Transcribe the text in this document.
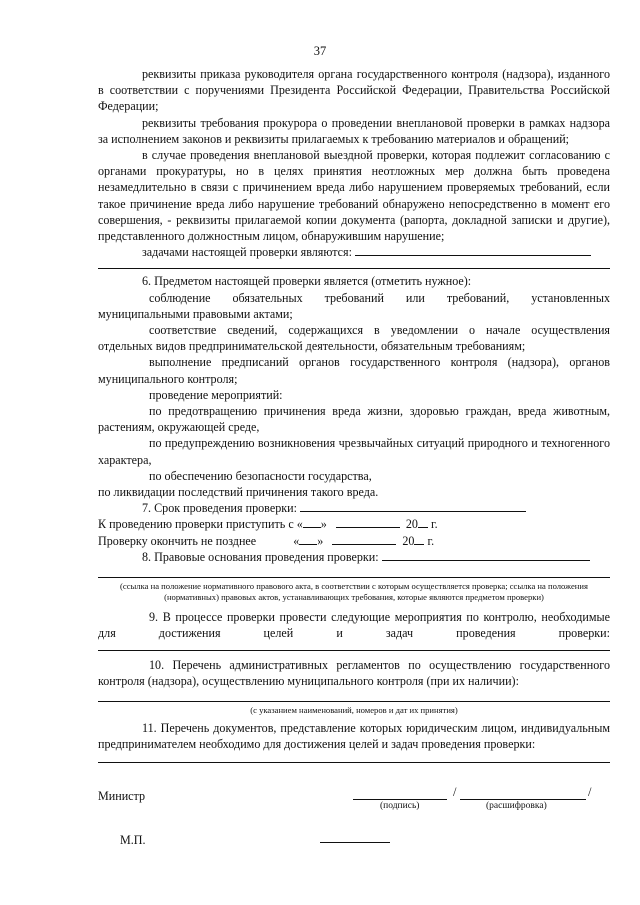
37

реквизиты приказа руководителя органа государственного контроля (надзора), изданного в соответствии с поручениями Президента Российской Федерации, Правительства Российской Федерации;

реквизиты требования прокурора о проведении внеплановой проверки в рамках надзора за исполнением законов и реквизиты прилагаемых к требованию материалов и обращений;

в случае проведения внеплановой выездной проверки, которая подлежит согласованию с органами прокуратуры, но в целях принятия неотложных мер должна быть проведена незамедлительно в связи с причинением вреда либо нарушением проверяемых требований, если такое причинение вреда либо нарушение требований обнаружено непосредственно в момент его совершения, - реквизиты прилагаемой копии документа (рапорта, докладной записки и другие), представленного должностным лицом, обнаружившим нарушение;

задачами настоящей проверки являются:

6. Предметом настоящей проверки является (отметить нужное):

соблюдение обязательных требований или требований, установленных муниципальными правовыми актами;

соответствие сведений, содержащихся в уведомлении о начале осуществления отдельных видов предпринимательской деятельности, обязательным требованиям;

выполнение предписаний органов государственного контроля (надзора), органов муниципального контроля;

проведение мероприятий:

по предотвращению причинения вреда жизни, здоровью граждан, вреда животным, растениям, окружающей среде,

по предупреждению возникновения чрезвычайных ситуаций природного и техногенного характера,

по обеспечению безопасности государства,

по ликвидации последствий причинения такого вреда.

7. Срок проведения проверки:

К проведению проверки приступить с « »	20 г.

Проверку окончить не позднее	« »	20 г.

8. Правовые основания проведения проверки:

(ссылка на положение нормативного правового акта, в соответствии с которым осуществляется проверка; ссылка на положения (нормативных) правовых актов, устанавливающих требования, которые являются предметом проверки)

9. В процессе проверки провести следующие мероприятия по контролю, необходимые для достижения целей и задач проведения проверки:

10. Перечень административных регламентов по осуществлению государственного контроля (надзора), осуществлению муниципального контроля (при их наличии):

(с указанием наименований, номеров и дат их принятия)

11. Перечень документов, представление которых юридическим лицом, индивидуальным предпринимателем необходимо для достижения целей и задач проведения проверки:

Министр	/	/
(подпись)	(расшифровка)
М.П.
